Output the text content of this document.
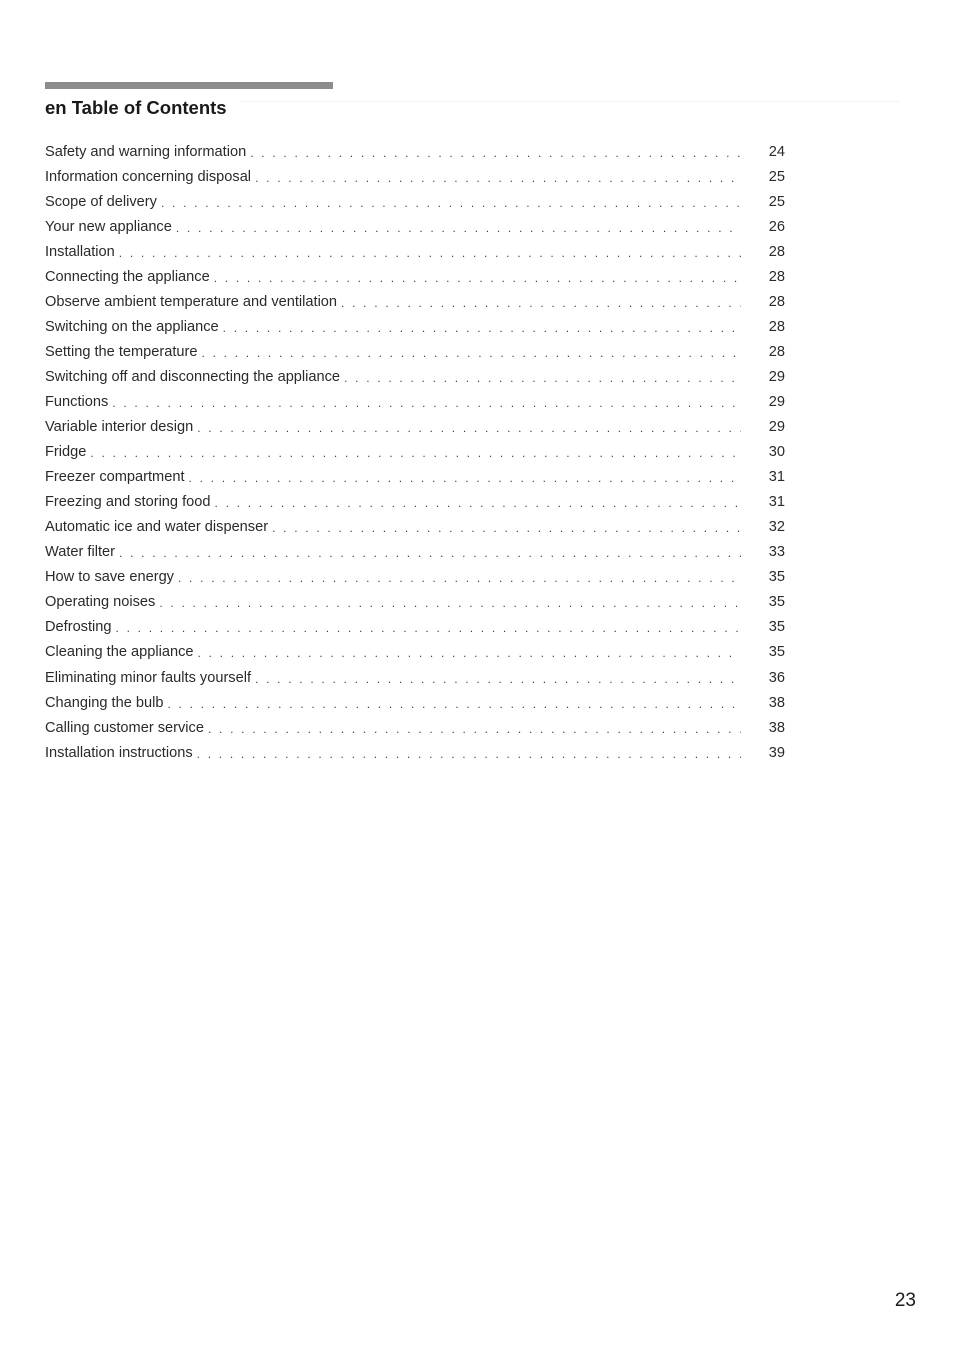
en Table of Contents
Safety and warning information . . .	24
Information concerning disposal . . .	25
Scope of delivery . . .	25
Your new appliance . . .	26
Installation . . .	28
Connecting the appliance . . .	28
Observe ambient temperature and ventilation . . .	28
Switching on the appliance . . .	28
Setting the temperature . . .	28
Switching off and disconnecting the appliance . . .	29
Functions . . .	29
Variable interior design . . .	29
Fridge . . .	30
Freezer compartment . . .	31
Freezing and storing food . . .	31
Automatic ice and water dispenser . . .	32
Water filter . . .	33
How to save energy . . .	35
Operating noises . . .	35
Defrosting . . .	35
Cleaning the appliance . . .	35
Eliminating minor faults yourself . . .	36
Changing the bulb . . .	38
Calling customer service . . .	38
Installation instructions . . .	39
23
